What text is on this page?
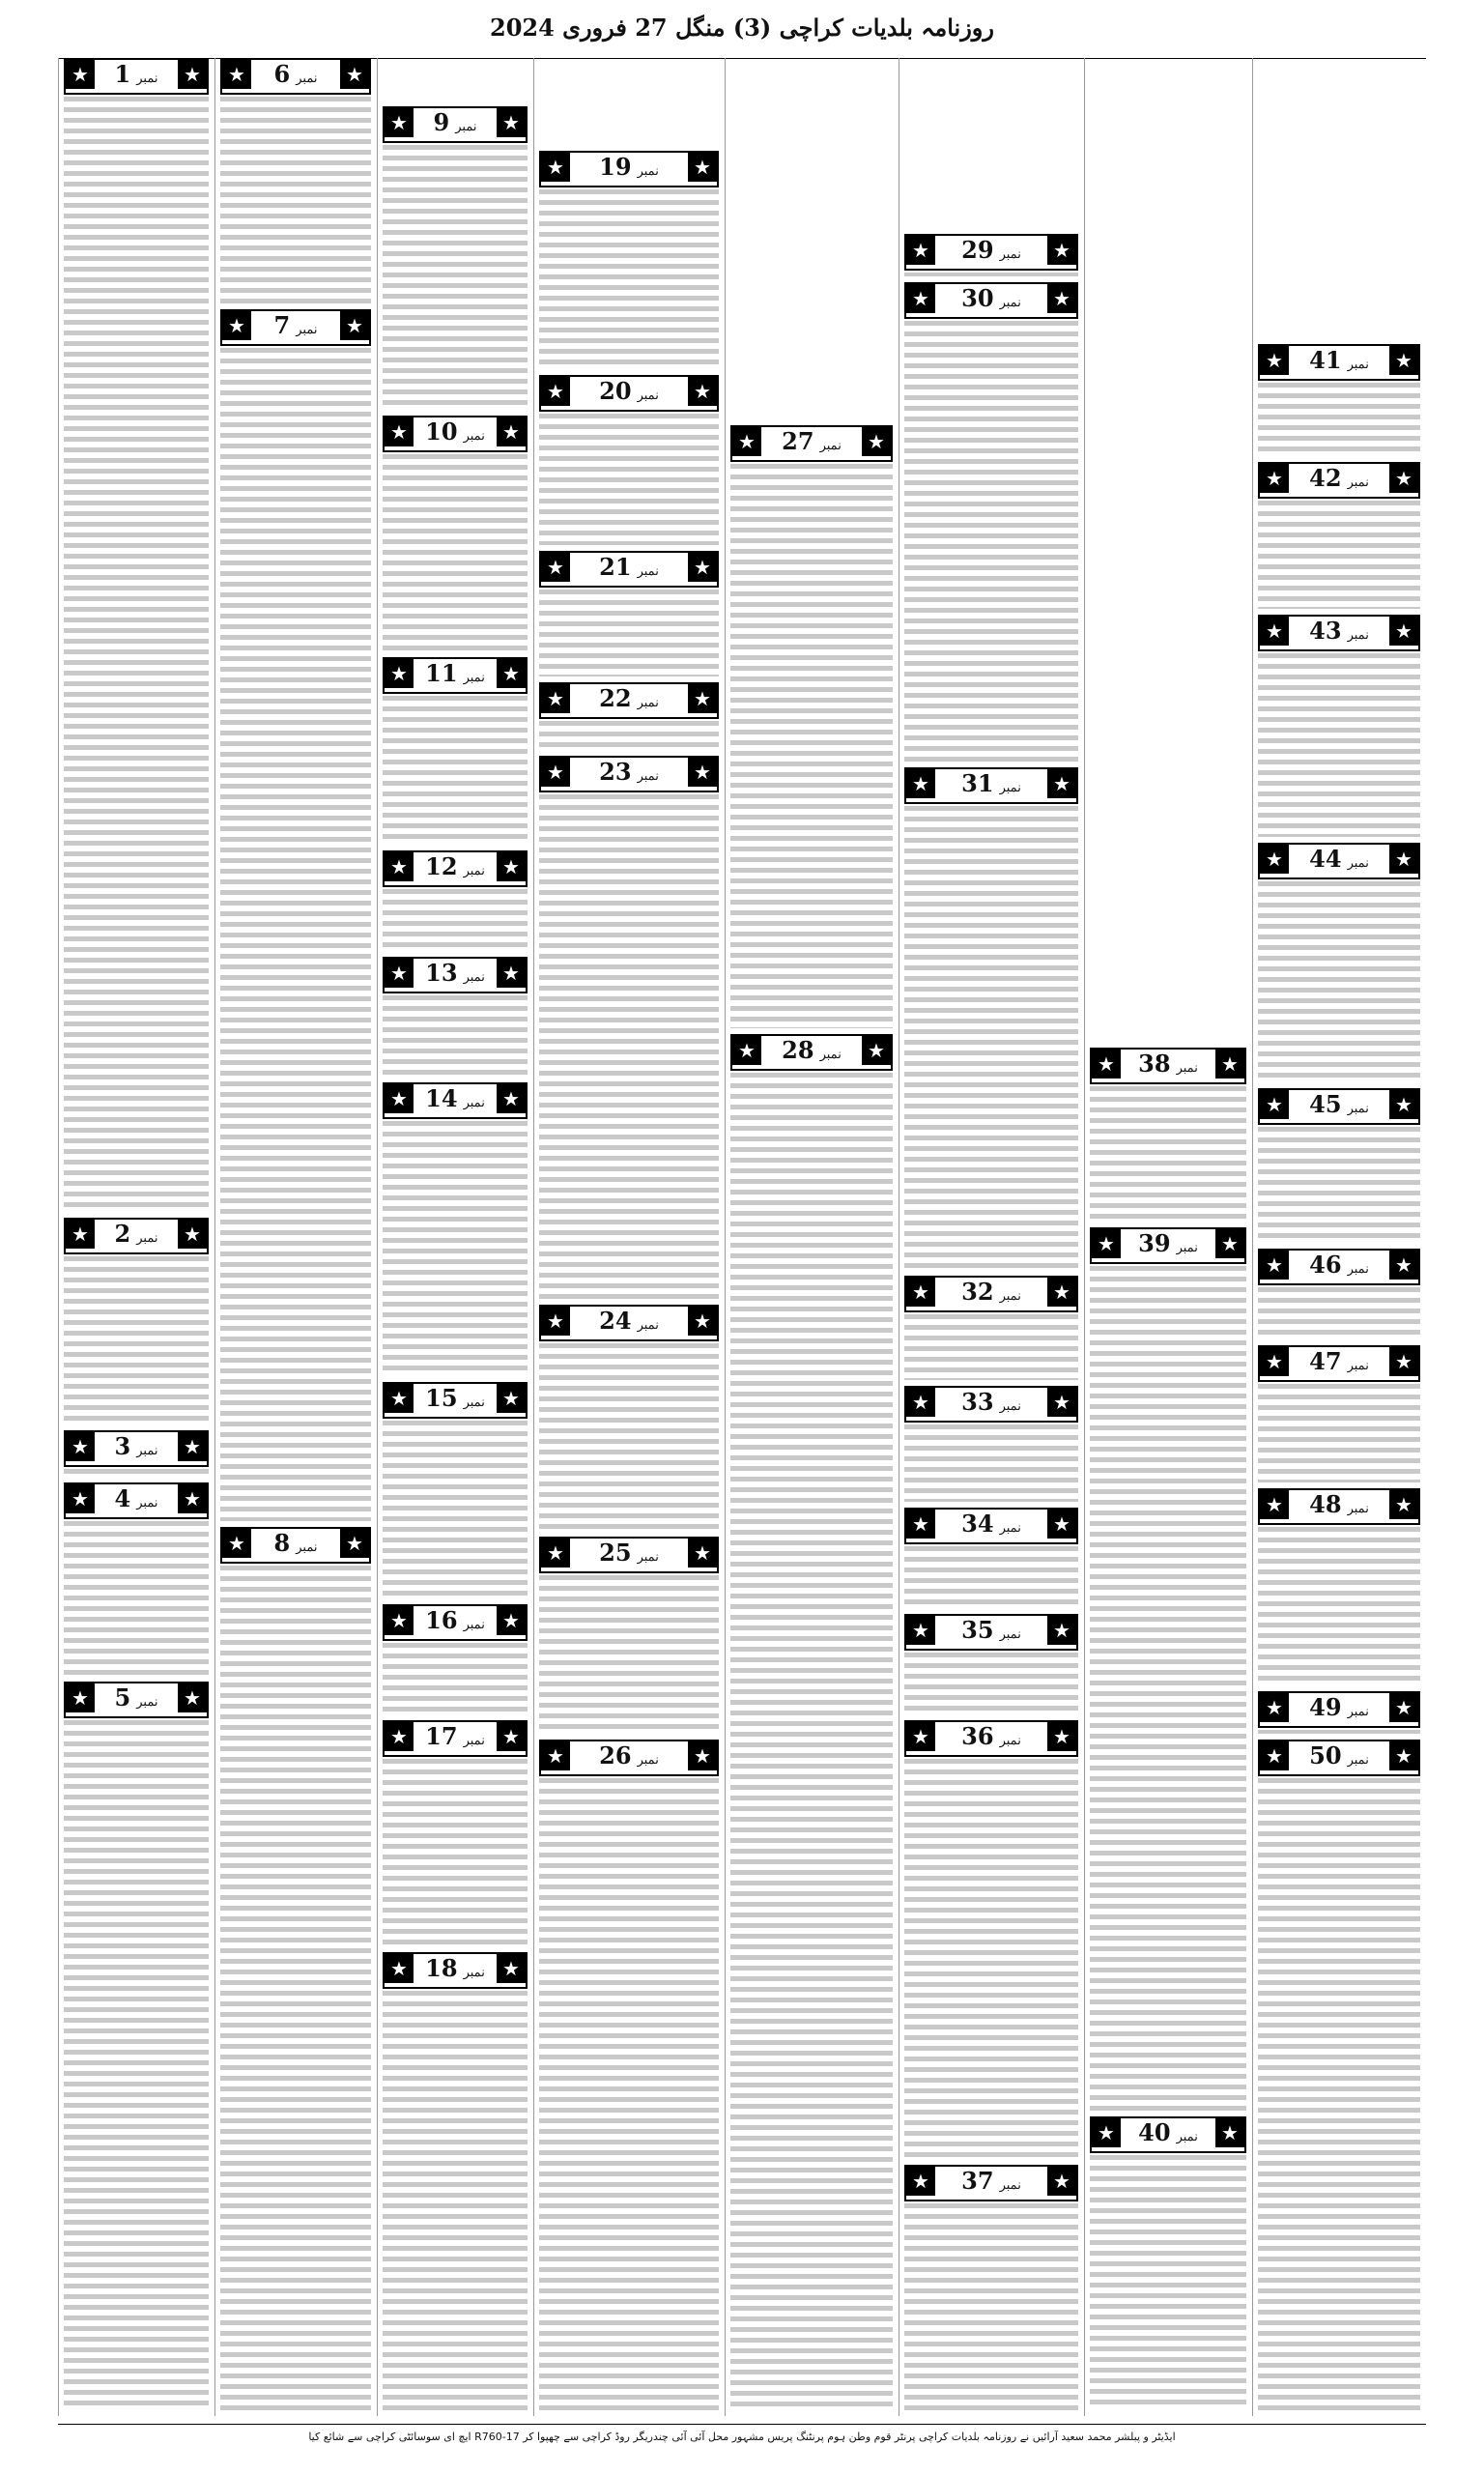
روزنامہ بلدیات کراچی (3) منگل 27 فروری 2024
★
نمبر1
★
★
نمبر2
★
★
نمبر3
★
★
نمبر4
★
★
نمبر5
★
★
نمبر6
★
★
نمبر7
★
★
نمبر8
★
★
نمبر9
★
★
نمبر10
★
★
نمبر11
★
★
نمبر12
★
★
نمبر13
★
★
نمبر14
★
★
نمبر15
★
★
نمبر16
★
★
نمبر17
★
★
نمبر18
★
★
نمبر19
★
★
نمبر20
★
★
نمبر21
★
★
نمبر22
★
★
نمبر23
★
★
نمبر24
★
★
نمبر25
★
★
نمبر26
★
★
نمبر27
★
★
نمبر28
★
★
نمبر29
★
★
نمبر30
★
★
نمبر31
★
★
نمبر32
★
★
نمبر33
★
★
نمبر34
★
★
نمبر35
★
★
نمبر36
★
★
نمبر37
★
★
نمبر38
★
★
نمبر39
★
★
نمبر40
★
★
نمبر41
★
★
نمبر42
★
★
نمبر43
★
★
نمبر44
★
★
نمبر45
★
★
نمبر46
★
★
نمبر47
★
★
نمبر48
★
★
نمبر49
★
★
نمبر50
★
ایڈیٹر و پبلشر محمد سعید آرائیں نے روزنامہ بلدیات کراچی پرنٹر قوم وطن ہوم پرنٹنگ پریس مشہور محل آئی آئی چندریگر روڈ کراچی سے چھپوا کر R760-17 ایچ ای سوسائٹی کراچی سے شائع کیا
